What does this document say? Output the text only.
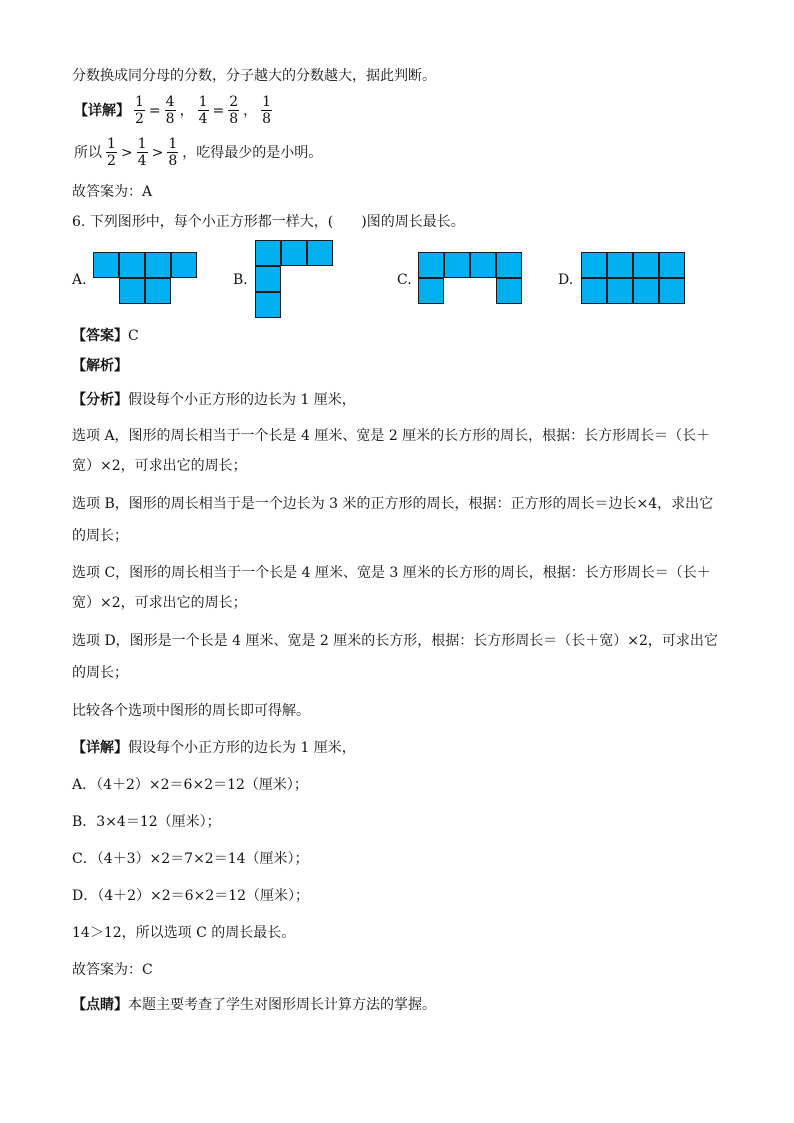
分数换成同分母的分数，分子越大的分数越大，据此判断。
【详解】 $\frac{1}{2} = \frac{4}{8}$ ， $\frac{1}{4} = \frac{2}{8}$ ， $\frac{1}{8}$
所以 $\frac{1}{2} > \frac{1}{4} > \frac{1}{8}$ ，吃得最少的是小明。
故答案为：A
6. 下列图形中，每个小正方形都一样大，(　　)图的周长最长。
A.	B.	C.	D.
【答案】C
【解析】
【分析】假设每个小正方形的边长为 1 厘米，
选项 A，图形的周长相当于一个长是 4 厘米、宽是 2 厘米的长方形的周长，根据：长方形周长＝（长＋
宽）×2，可求出它的周长；
选项 B，图形的周长相当于是一个边长为 3 米的正方形的周长，根据：正方形的周长＝边长×4，求出它
的周长；
选项 C，图形的周长相当于一个长是 4 厘米、宽是 3 厘米的长方形的周长，根据：长方形周长＝（长＋
宽）×2，可求出它的周长；
选项 D，图形是一个长是 4 厘米、宽是 2 厘米的长方形，根据：长方形周长＝（长＋宽）×2，可求出它
的周长；
比较各个选项中图形的周长即可得解。
【详解】假设每个小正方形的边长为 1 厘米，
A．（4＋2）×2＝6×2＝12（厘米）；
B．3×4＝12（厘米）；
C．（4＋3）×2＝7×2＝14（厘米）；
D．（4＋2）×2＝6×2＝12（厘米）；
14＞12，所以选项 C 的周长最长。
故答案为：C
【点睛】本题主要考查了学生对图形周长计算方法的掌握。
